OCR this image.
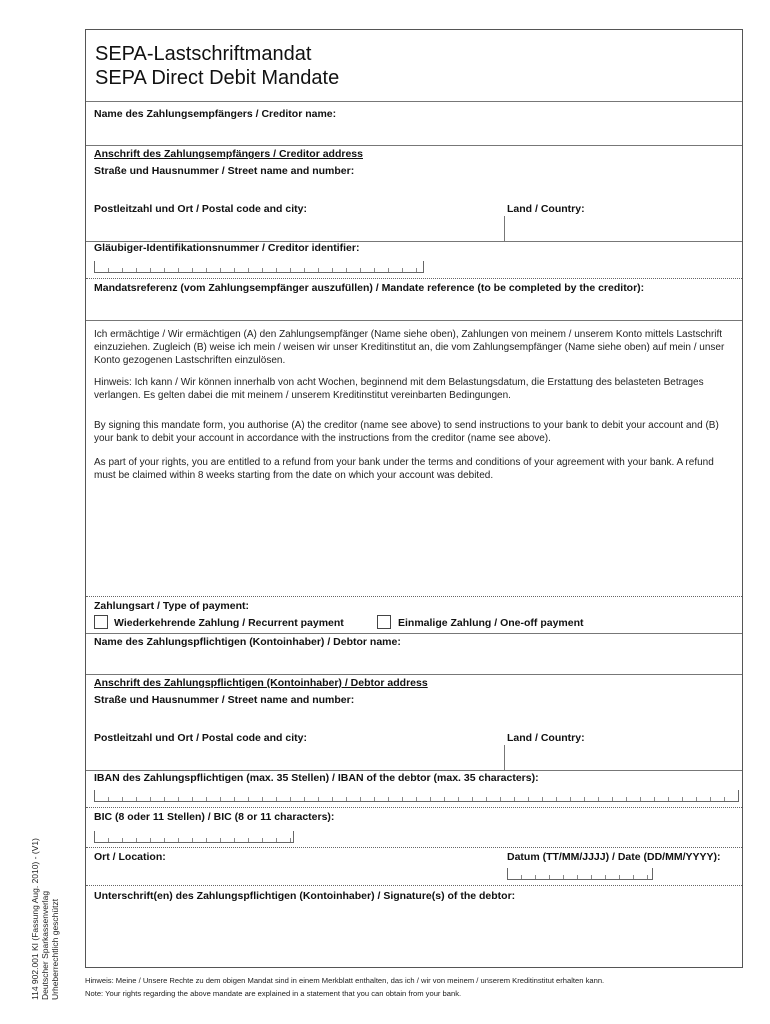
SEPA-Lastschriftmandat
SEPA Direct Debit Mandate
Name des Zahlungsempfängers / Creditor name:
Anschrift des Zahlungsempfängers / Creditor address
Straße und Hausnummer / Street name and number:
Postleitzahl und Ort / Postal code and city:	Land / Country:
Gläubiger-Identifikationsnummer / Creditor identifier:
Mandatsreferenz (vom Zahlungsempfänger auszufüllen) / Mandate reference (to be completed by the creditor):
Ich ermächtige / Wir ermächtigen (A) den Zahlungsempfänger (Name siehe oben), Zahlungen von meinem / unserem Konto mittels Lastschrift einzuziehen. Zugleich (B) weise ich mein / weisen wir unser Kreditinstitut an, die vom Zahlungsempfänger (Name siehe oben) auf mein / unser Konto gezogenen Lastschriften einzulösen.
Hinweis: Ich kann / Wir können innerhalb von acht Wochen, beginnend mit dem Belastungsdatum, die Erstattung des belasteten Betrages verlangen. Es gelten dabei die mit meinem / unserem Kreditinstitut vereinbarten Bedingungen.
By signing this mandate form, you authorise (A) the creditor (name see above) to send instructions to your bank to debit your account and (B) your bank to debit your account in accordance with the instructions from the creditor (name see above).
As part of your rights, you are entitled to a refund from your bank under the terms and conditions of your agreement with your bank. A refund must be claimed within 8 weeks starting from the date on which your account was debited.
Zahlungsart / Type of payment:
Wiederkehrende Zahlung / Recurrent payment	Einmalige Zahlung / One-off payment
Name des Zahlungspflichtigen (Kontoinhaber) / Debtor name:
Anschrift des Zahlungspflichtigen (Kontoinhaber) / Debtor address
Straße und Hausnummer / Street name and number:
Postleitzahl und Ort / Postal code and city:	Land / Country:
IBAN des Zahlungspflichtigen (max. 35 Stellen) / IBAN of the debtor (max. 35 characters):
BIC (8 oder 11 Stellen) / BIC (8 or 11 characters):
Ort / Location:	Datum (TT/MM/JJJJ) / Date (DD/MM/YYYY):
Unterschrift(en) des Zahlungspflichtigen (Kontoinhaber) / Signature(s) of the debtor:
114 902.001 KI (Fassung Aug. 2010) - (V1) Deutscher Sparkassenverlag Urheberrechtlich geschützt	Hinweis: Meine / Unsere Rechte zu dem obigen Mandat sind in einem Merkblatt enthalten, das ich / wir von meinem / unserem Kreditinstitut erhalten kann.
Note: Your rights regarding the above mandate are explained in a statement that you can obtain from your bank.
